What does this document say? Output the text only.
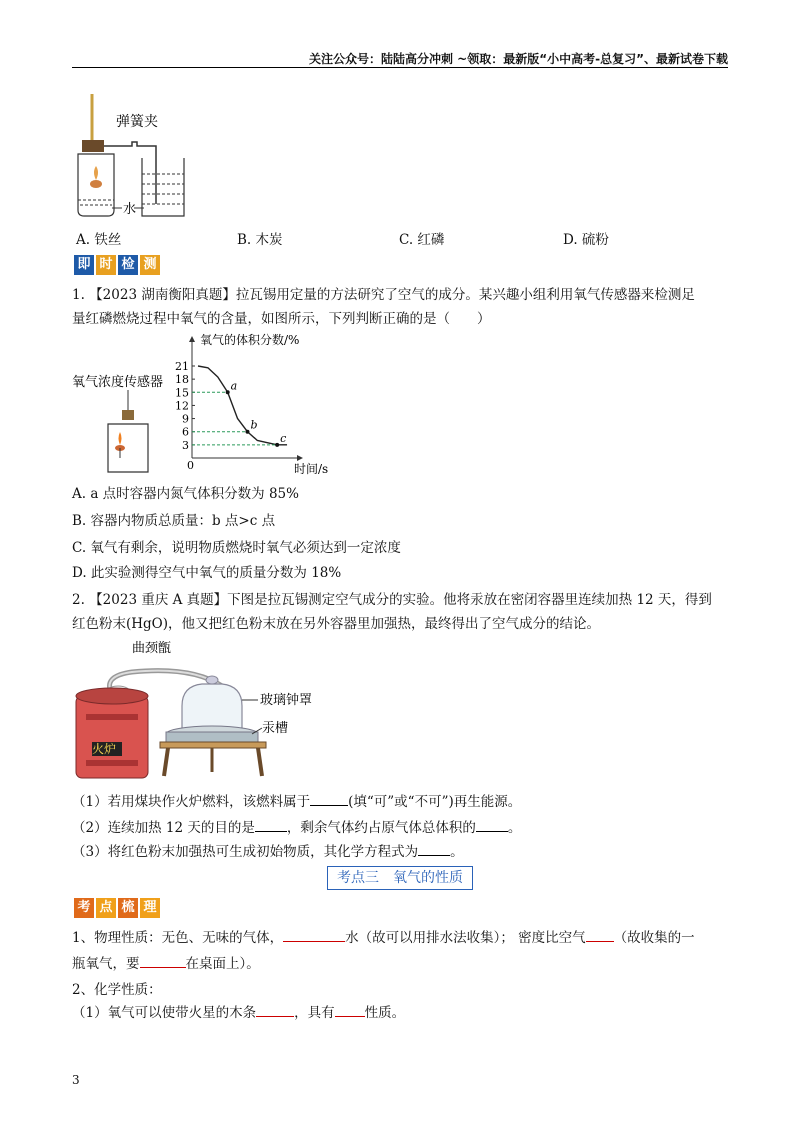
关注公众号：陆陆高分冲刺 ~领取：最新版“小中高考-总复习”、最新试卷下载
弹簧夹
水
A. 铁丝	B. 木炭	C. 红磷	D. 硫粉
即 时 检 测
1. 【2023 湖南衡阳真题】拉瓦锡用定量的方法研究了空气的成分。某兴趣小组利用氧气传感器来检测足
量红磷燃烧过程中氧气的含量，如图所示，下列判断正确的是（　　）
氧气浓度传感器
氧气的体积分数/%
时间/s
0
3
6
9
12
15
18
21
a
b
c
A. a 点时容器内氮气体积分数为 85%
B. 容器内物质总质量：b 点>c 点
C. 氧气有剩余，说明物质燃烧时氧气必须达到一定浓度
D. 此实验测得空气中氧气的质量分数为 18%
2. 【2023 重庆 A 真题】下图是拉瓦锡测定空气成分的实验。他将汞放在密闭容器里连续加热 12 天，得到
红色粉末(HgO)，他又把红色粉末放在另外容器里加强热，最终得出了空气成分的结论。
曲颈甑
火炉
玻璃钟罩
汞槽
（1）若用煤块作火炉燃料，该燃料属于	(填“可”或“不可”)再生能源。
（2）连续加热 12 天的目的是 ，剩余气体约占原气体总体积的 。
（3）将红色粉末加强热可生成初始物质，其化学方程式为 。
考点三　氧气的性质
考 点 梳 理
1、物理性质：无色、无味的气体，	水（故可以用排水法收集）； 密度比空气 （故收集的一
瓶氧气，要	在桌面上）。
2、化学性质：
（1）氧气可以使带火星的木条	，具有 性质。
3
